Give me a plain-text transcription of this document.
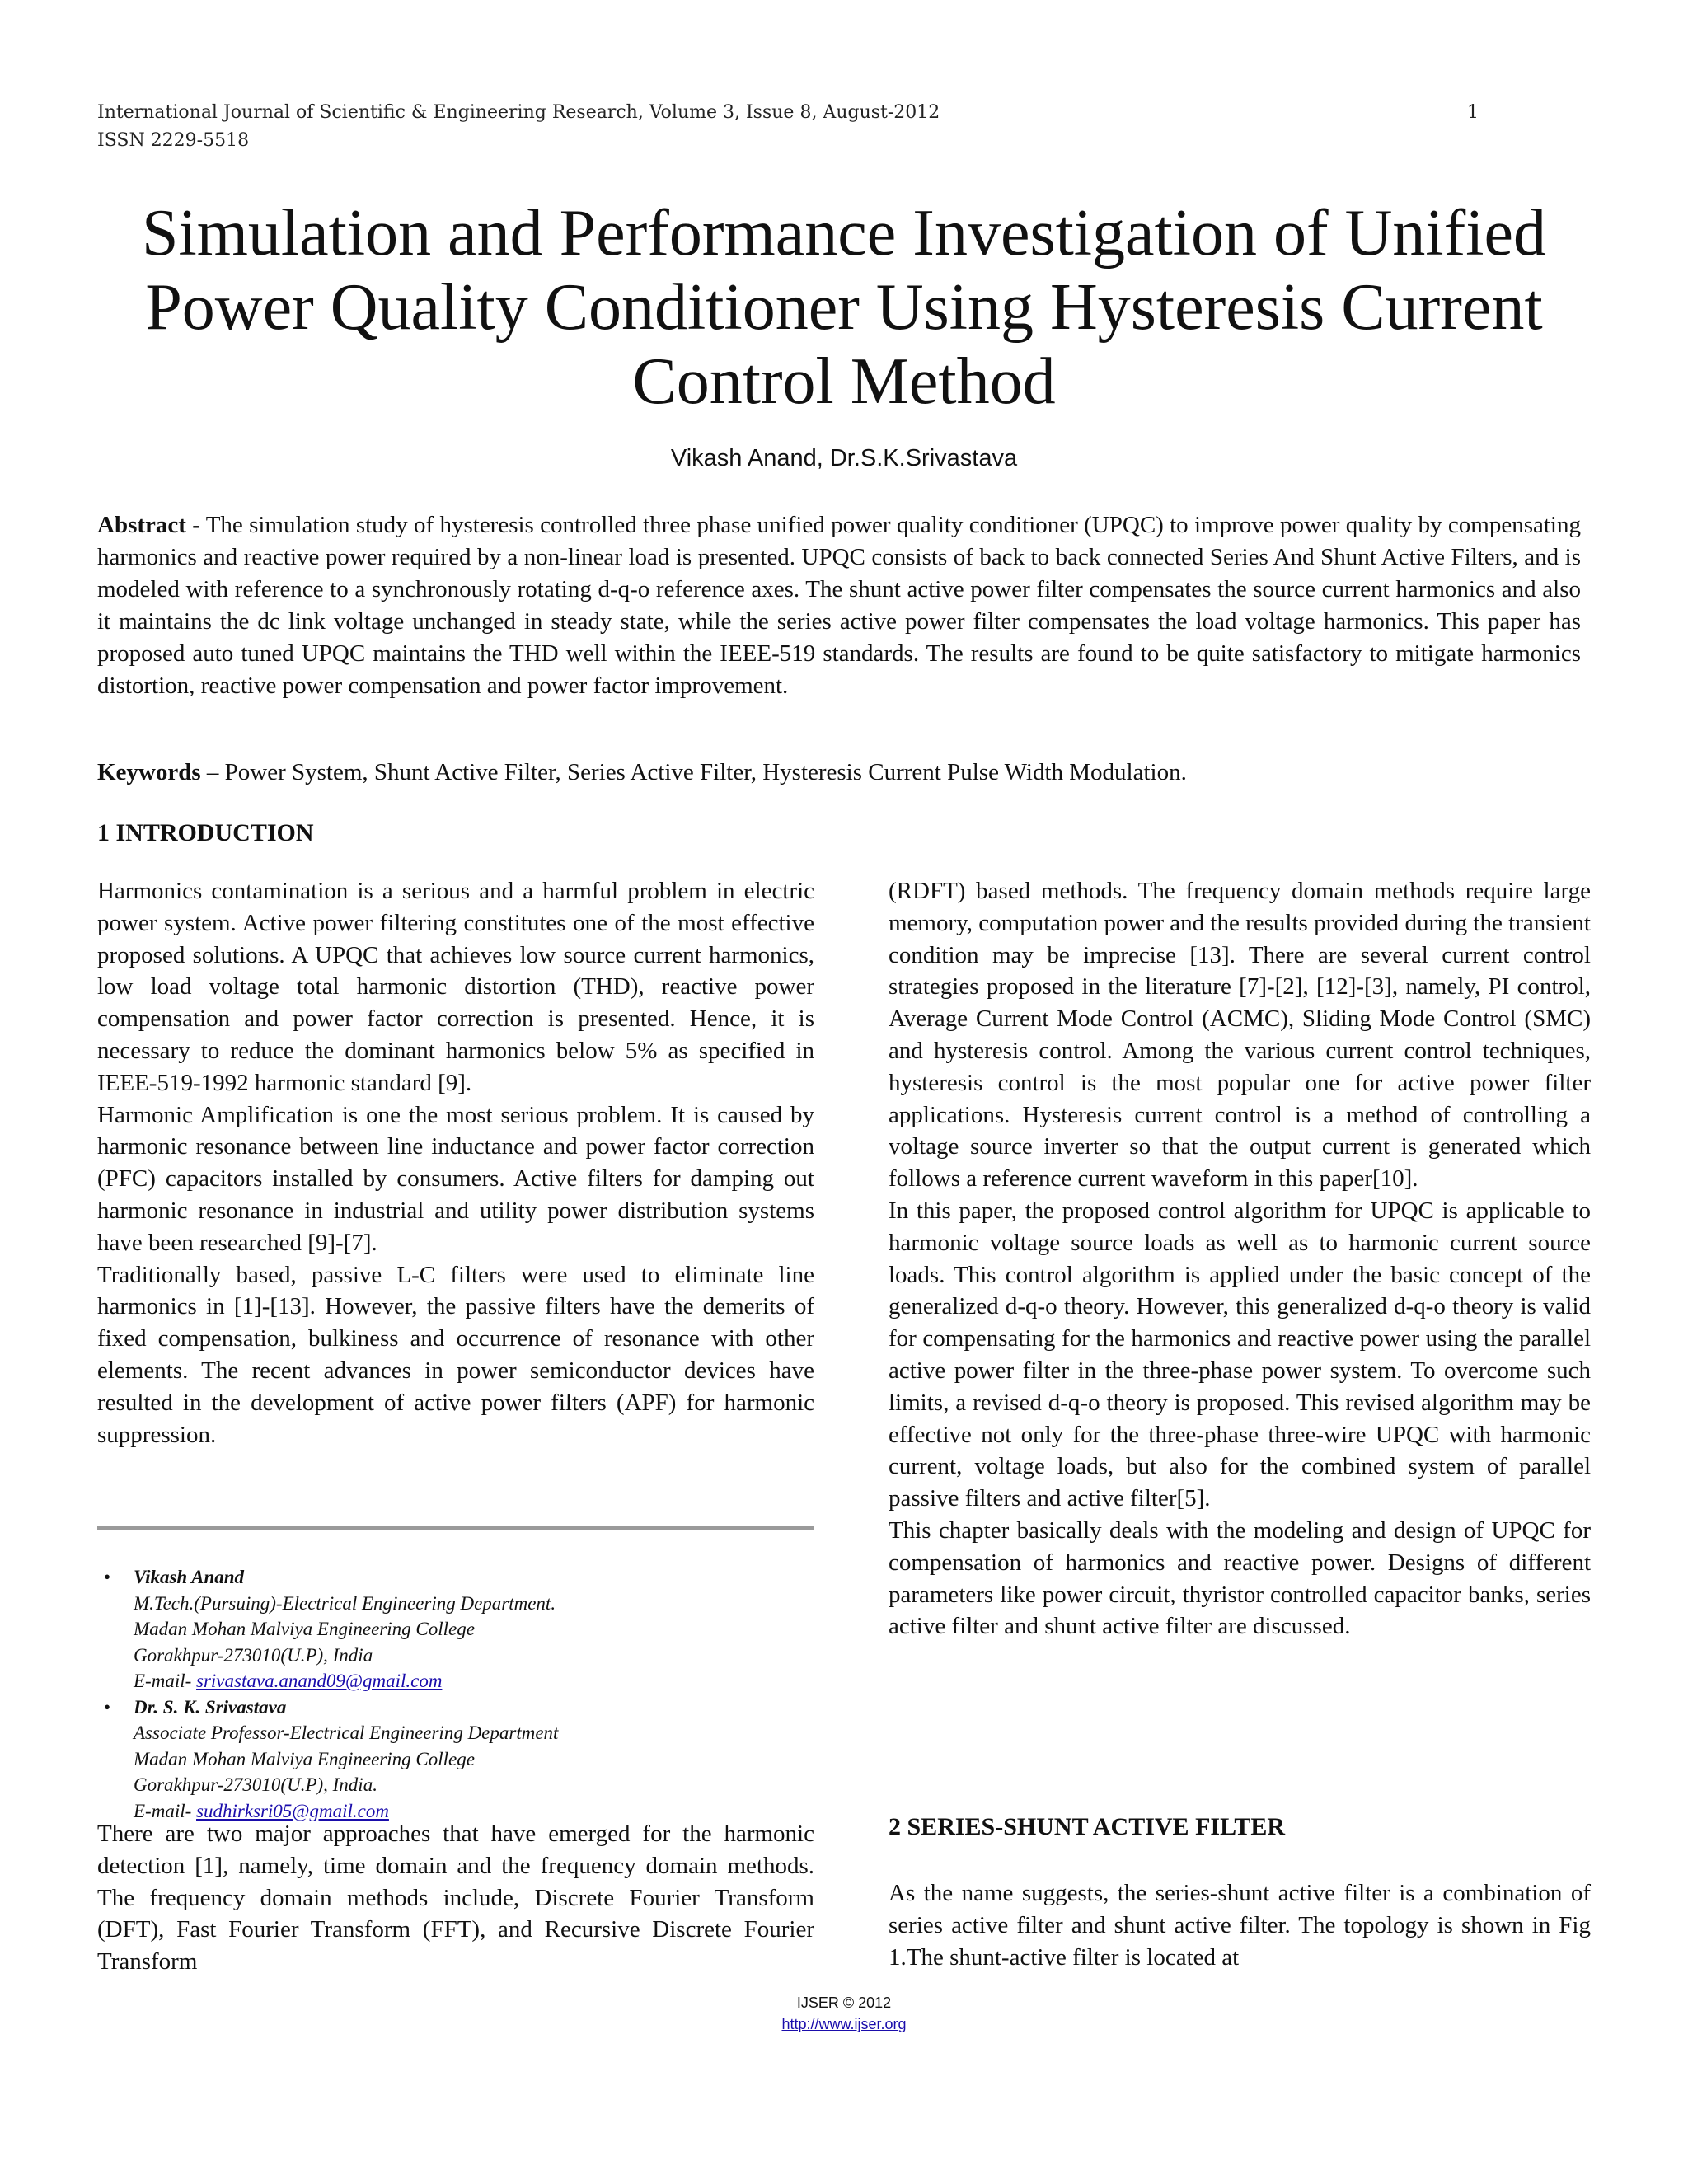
International Journal of Scientific & Engineering Research, Volume 3, Issue 8, August-2012
ISSN 2229-5518
1
Simulation and Performance Investigation of Unified Power Quality Conditioner Using Hysteresis Current Control Method
Vikash Anand, Dr.S.K.Srivastava
Abstract - The simulation study of hysteresis controlled three phase unified power quality conditioner (UPQC) to improve power quality by compensating harmonics and reactive power required by a non-linear load is presented. UPQC consists of back to back connected Series And Shunt Active Filters, and is modeled with reference to a synchronously rotating d-q-o reference axes. The shunt active power filter compensates the source current harmonics and also it maintains the dc link voltage unchanged in steady state, while the series active power filter compensates the load voltage harmonics. This paper has proposed auto tuned UPQC maintains the THD well within the IEEE-519 standards. The results are found to be quite satisfactory to mitigate harmonics distortion, reactive power compensation and power factor improvement.
Keywords – Power System, Shunt Active Filter, Series Active Filter, Hysteresis Current Pulse Width Modulation.
1 INTRODUCTION

Harmonics contamination is a serious and a harmful problem in electric power system. Active power filtering constitutes one of the most effective proposed solutions. A UPQC that achieves low source current harmonics, low load voltage total harmonic distortion (THD), reactive power compensation and power factor correction is presented. Hence, it is necessary to reduce the dominant harmonics below 5% as specified in IEEE-519-1992 harmonic standard [9].

Harmonic Amplification is one the most serious problem. It is caused by harmonic resonance between line inductance and power factor correction (PFC) capacitors installed by consumers. Active filters for damping out harmonic resonance in industrial and utility power distribution systems have been researched [9]-[7].

Traditionally based, passive L-C filters were used to eliminate line harmonics in [1]-[13]. However, the passive filters have the demerits of fixed compensation, bulkiness and occurrence of resonance with other elements. The recent advances in power semiconductor devices have resulted in the development of active power filters (APF) for harmonic suppression.

• Vikash Anand
M.Tech.(Pursuing)-Electrical Engineering Department.
Madan Mohan Malviya Engineering College
Gorakhpur-273010(U.P), India
E-mail- srivastava.anand09@gmail.com
• Dr. S. K. Srivastava
Associate Professor-Electrical Engineering Department
Madan Mohan Malviya Engineering College
Gorakhpur-273010(U.P), India.
E-mail- sudhirksri05@gmail.com
There are two major approaches that have emerged for the harmonic detection [1], namely, time domain and the frequency domain methods. The frequency domain methods include, Discrete Fourier Transform (DFT), Fast Fourier Transform (FFT), and Recursive Discrete Fourier Transform

(RDFT) based methods. The frequency domain methods require large memory, computation power and the results provided during the transient condition may be imprecise [13]. There are several current control strategies proposed in the literature [7]-[2], [12]-[3], namely, PI control, Average Current Mode Control (ACMC), Sliding Mode Control (SMC) and hysteresis control. Among the various current control techniques, hysteresis control is the most popular one for active power filter applications. Hysteresis current control is a method of controlling a voltage source inverter so that the output current is generated which follows a reference current waveform in this paper[10].

In this paper, the proposed control algorithm for UPQC is applicable to harmonic voltage source loads as well as to harmonic current source loads. This control algorithm is applied under the basic concept of the generalized d-q-o theory. However, this generalized d-q-o theory is valid for compensating for the harmonics and reactive power using the parallel active power filter in the three-phase power system. To overcome such limits, a revised d-q-o theory is proposed. This revised algorithm may be effective not only for the three-phase three-wire UPQC with harmonic current, voltage loads, but also for the combined system of parallel passive filters and active filter[5].

This chapter basically deals with the modeling and design of UPQC for compensation of harmonics and reactive power. Designs of different parameters like power circuit, thyristor controlled capacitor banks, series active filter and shunt active filter are discussed.

2 SERIES-SHUNT ACTIVE FILTER
As the name suggests, the series-shunt active filter is a combination of series active filter and shunt active filter. The topology is shown in Fig 1.The shunt-active filter is located at
IJSER © 2012
http://www.ijser.org
